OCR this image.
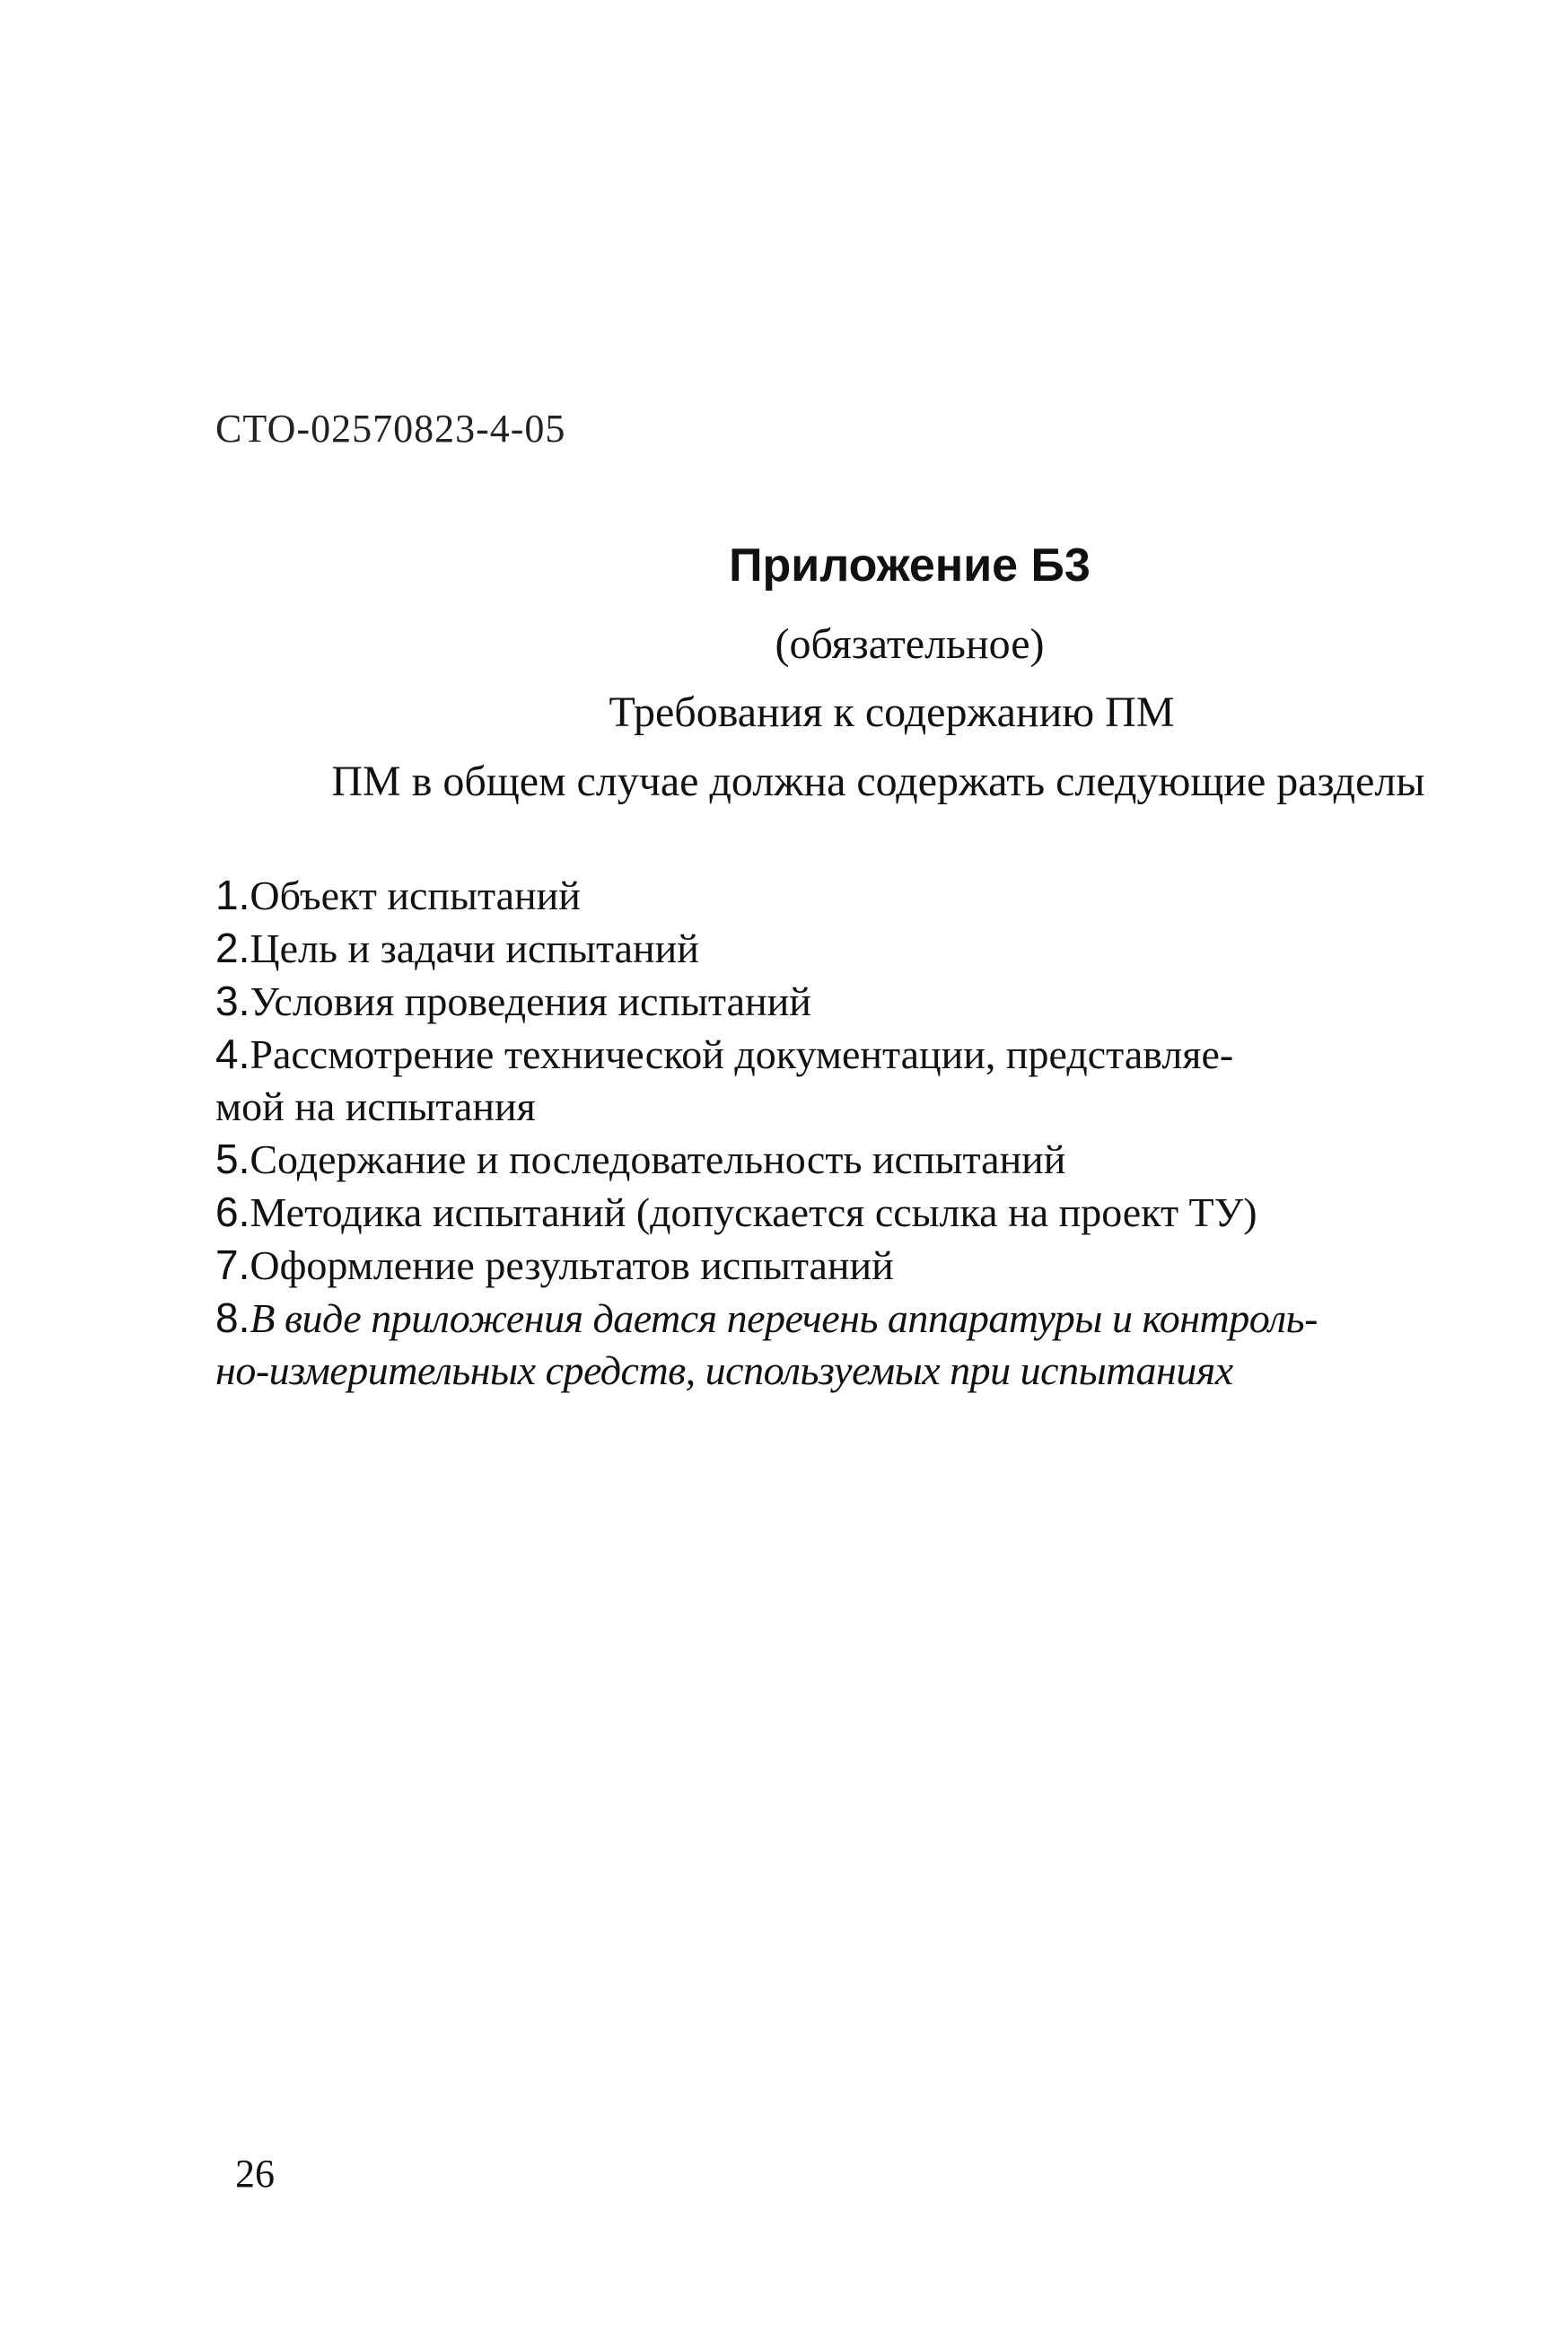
СТО-02570823-4-05
Приложение Б3
(обязательное)
Требования к содержанию ПМ
ПМ в общем случае должна содержать следующие разделы
1.Объект испытаний
2.Цель и задачи испытаний
3.Условия проведения испытаний
4.Рассмотрение технической документации, представляе-
мой на испытания
5.Содержание и последовательность испытаний
6.Методика испытаний (допускается ссылка на проект ТУ)
7.Оформление результатов испытаний
8.В виде приложения дается перечень аппаратуры и контроль-
но-измерительных средств, используемых при испытаниях
26
